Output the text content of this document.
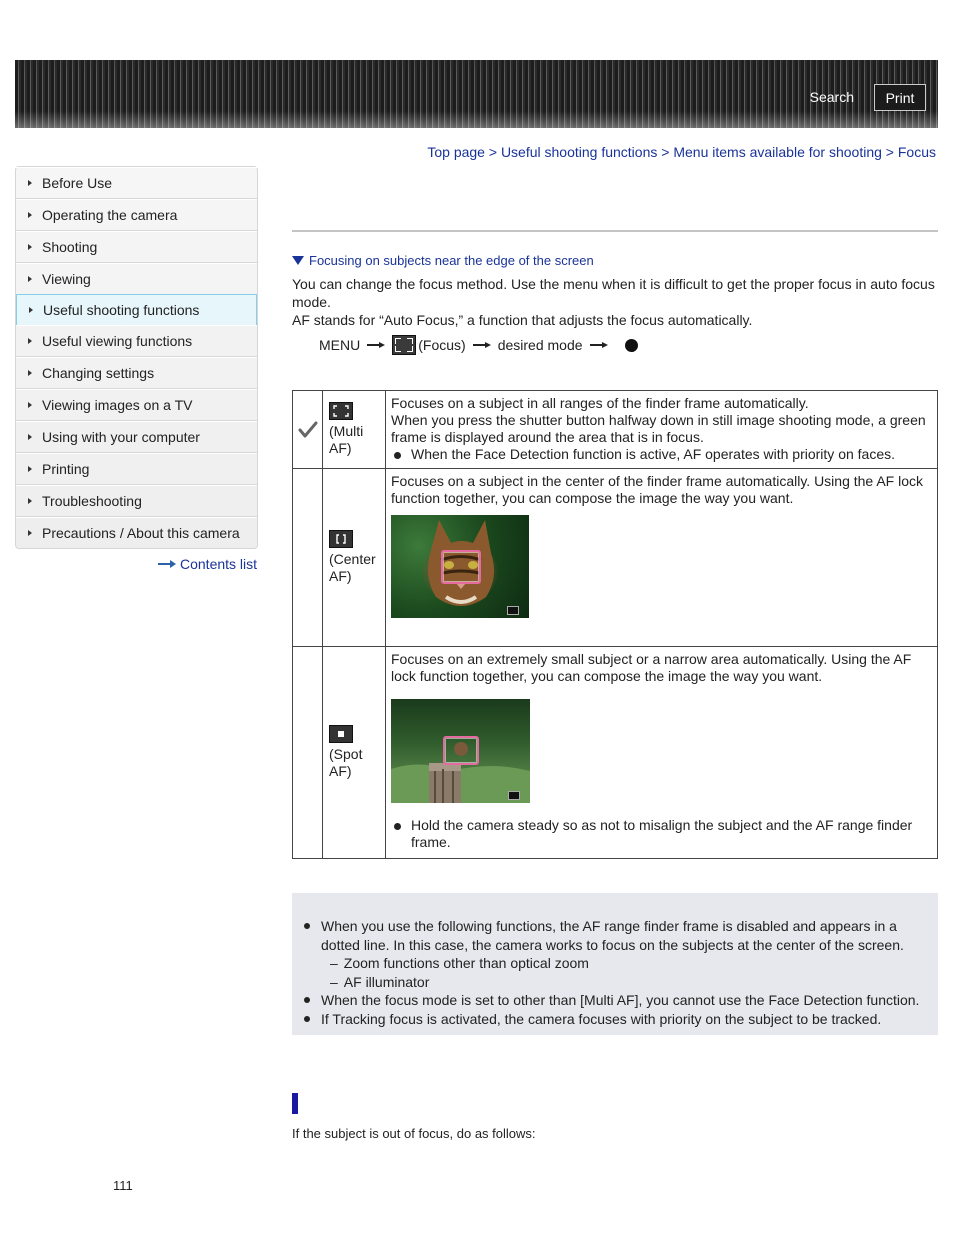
Search	Print
Top page > Useful shooting functions > Menu items available for shooting > Focus
Before Use
Operating the camera
Shooting
Viewing
Useful shooting functions
Useful viewing functions
Changing settings
Viewing images on a TV
Using with your computer
Printing
Troubleshooting
Precautions / About this camera
Contents list
Focusing on subjects near the edge of the screen
You can change the focus method. Use the menu when it is difficult to get the proper focus in auto focus mode.
AF stands for “Auto Focus,” a function that adjusts the focus automatically.
MENU	(Focus) desired mode
(Multi
AF)
Focuses on a subject in all ranges of the finder frame automatically.
When you press the shutter button halfway down in still image shooting mode, a green frame is displayed around the area that is in focus.
When the Face Detection function is active, AF operates with priority on faces.
(Center
AF)
Focuses on a subject in the center of the finder frame automatically. Using the AF lock function together, you can compose the image the way you want.
(Spot
AF)
Focuses on an extremely small subject or a narrow area automatically. Using the AF lock function together, you can compose the image the way you want.
Hold the camera steady so as not to misalign the subject and the AF range finder frame.
When you use the following functions, the AF range finder frame is disabled and appears in a dotted line. In this case, the camera works to focus on the subjects at the center of the screen.
– Zoom functions other than optical zoom
– AF illuminator
When the focus mode is set to other than [Multi AF], you cannot use the Face Detection function.
If Tracking focus is activated, the camera focuses with priority on the subject to be tracked.
If the subject is out of focus, do as follows:
111
